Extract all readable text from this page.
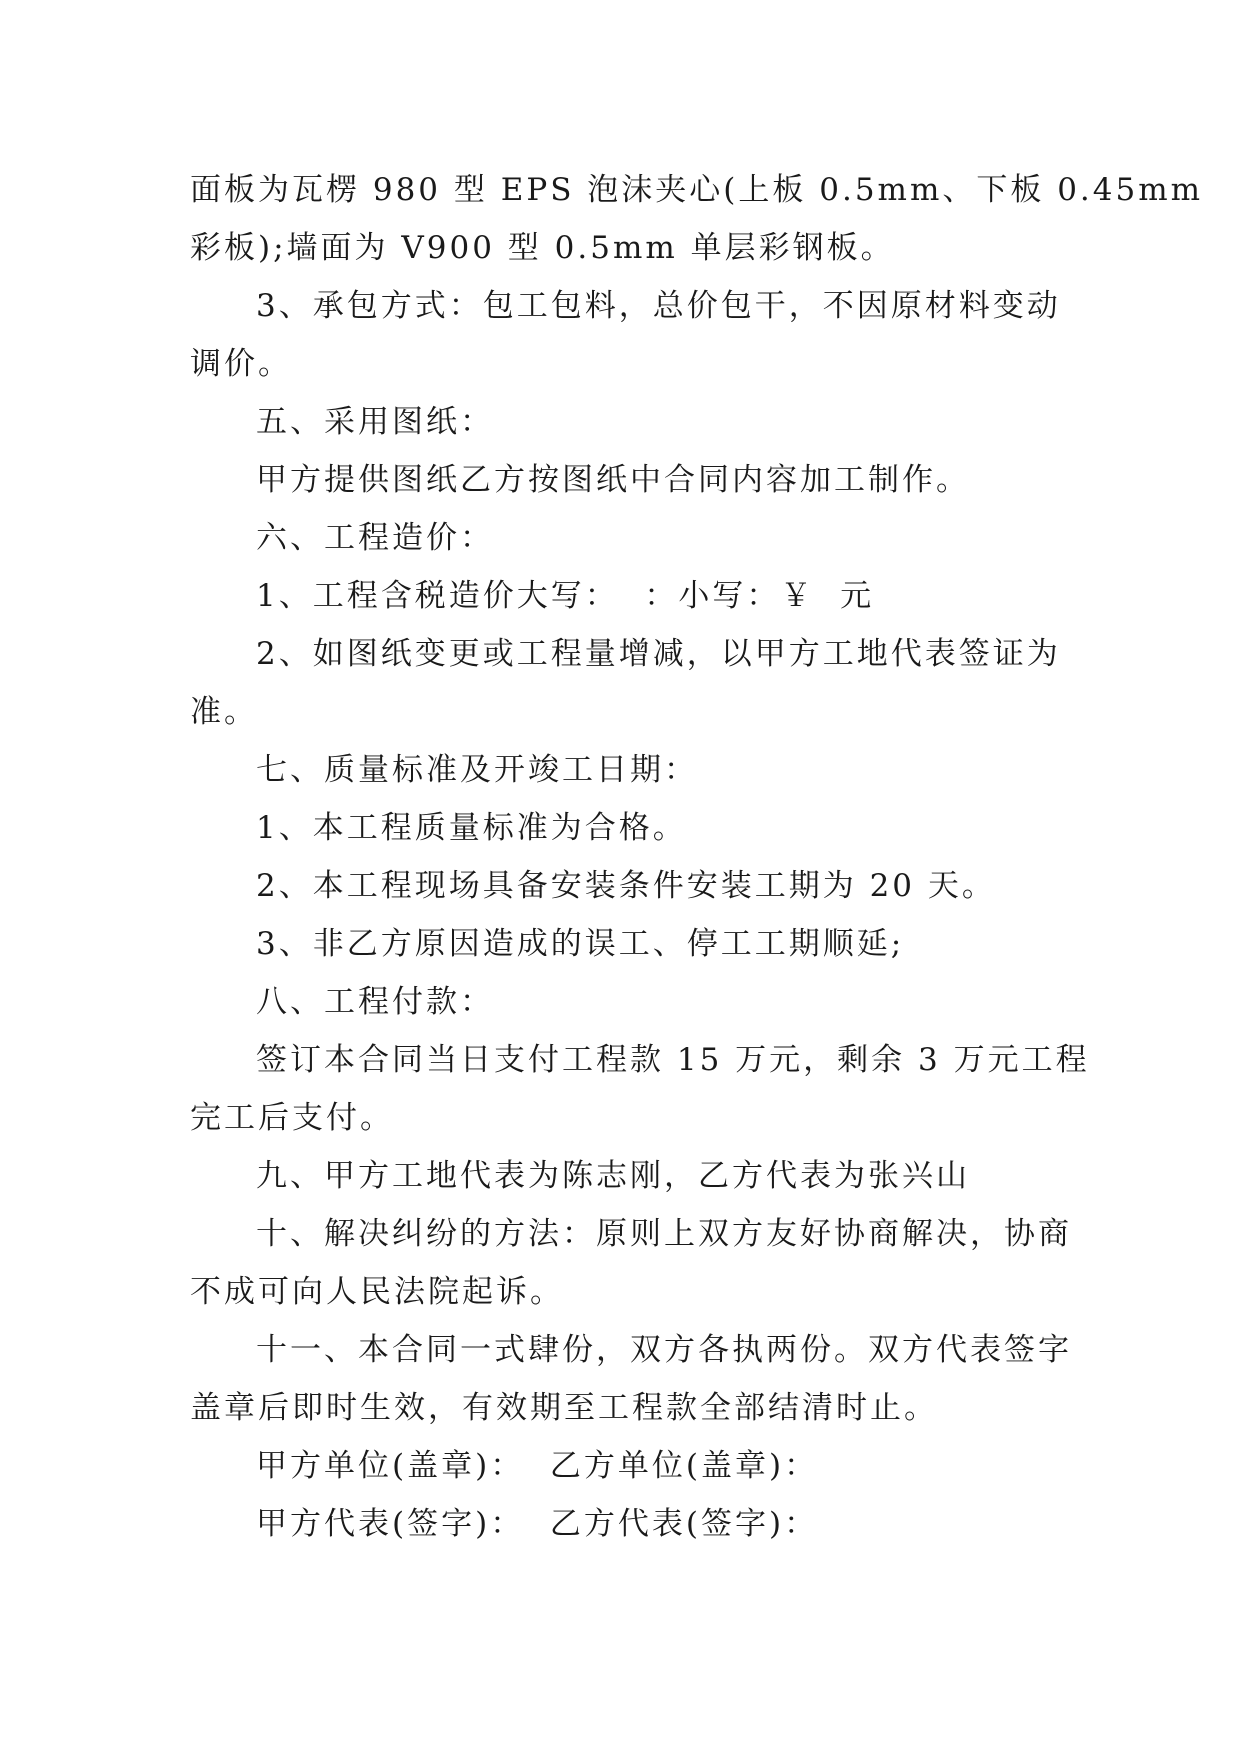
面板为瓦楞 980 型 EPS 泡沫夹心(上板 0.5mm、下板 0.45mm
彩板);墙面为 V900 型 0.5mm 单层彩钢板。

3、承包方式：包工包料，总价包干，不因原材料变动
调价。

五、采用图纸：

甲方提供图纸乙方按图纸中合同内容加工制作。

六、工程造价：

1、工程含税造价大写：  ：小写：￥  元

2、如图纸变更或工程量增减，以甲方工地代表签证为
准。

七、质量标准及开竣工日期：

1、本工程质量标准为合格。

2、本工程现场具备安装条件安装工期为 20 天。

3、非乙方原因造成的误工、停工工期顺延;

八、工程付款：

签订本合同当日支付工程款 15 万元，剩余 3 万元工程
完工后支付。

九、甲方工地代表为陈志刚，乙方代表为张兴山

十、解决纠纷的方法：原则上双方友好协商解决，协商
不成可向人民法院起诉。

十一、本合同一式肆份，双方各执两份。双方代表签字
盖章后即时生效，有效期至工程款全部结清时止。

甲方单位(盖章)：  乙方单位(盖章)：

甲方代表(签字)：  乙方代表(签字)：
